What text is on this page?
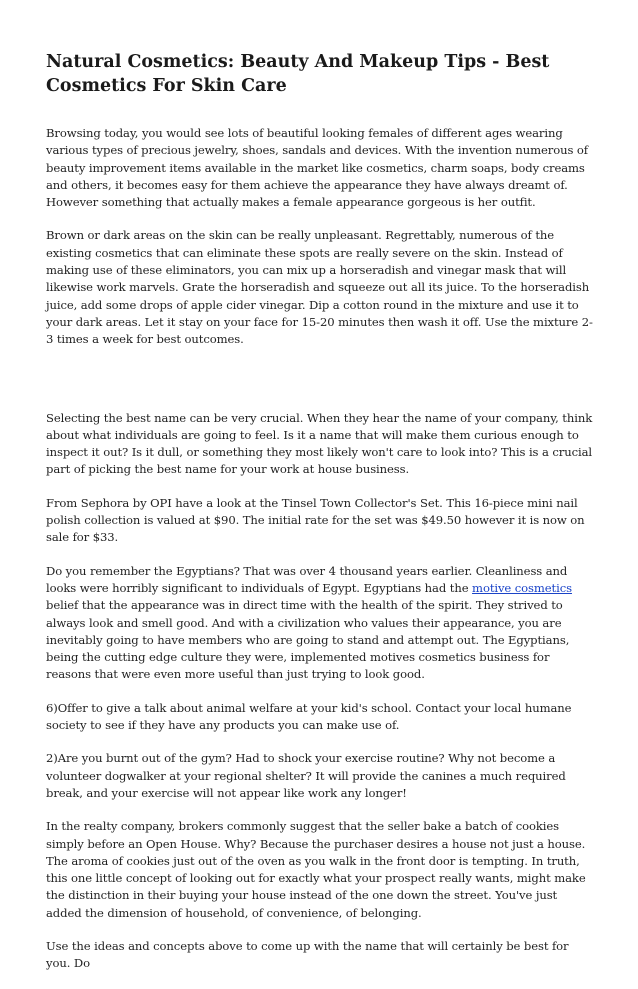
Natural Cosmetics: Beauty And Makeup Tips - Best Cosmetics For Skin Care

Browsing today, you would see lots of beautiful looking females of different ages wearing various types of precious jewelry, shoes, sandals and devices. With the invention numerous of beauty improvement items available in the market like cosmetics, charm soaps, body creams and others, it becomes easy for them achieve the appearance they have always dreamt of. However something that actually makes a female appearance gorgeous is her outfit.

Brown or dark areas on the skin can be really unpleasant. Regrettably, numerous of the existing cosmetics that can eliminate these spots are really severe on the skin. Instead of making use of these eliminators, you can mix up a horseradish and vinegar mask that will likewise work marvels. Grate the horseradish and squeeze out all its juice. To the horseradish juice, add some drops of apple cider vinegar. Dip a cotton round in the mixture and use it to your dark areas. Let it stay on your face for 15-20 minutes then wash it off. Use the mixture 2-3 times a week for best outcomes.

Selecting the best name can be very crucial. When they hear the name of your company, think about what individuals are going to feel. Is it a name that will make them curious enough to inspect it out? Is it dull, or something they most likely won't care to look into? This is a crucial part of picking the best name for your work at house business.

From Sephora by OPI have a look at the Tinsel Town Collector's Set. This 16-piece mini nail polish collection is valued at $90. The initial rate for the set was $49.50 however it is now on sale for $33.

Do you remember the Egyptians? That was over 4 thousand years earlier. Cleanliness and looks were horribly significant to individuals of Egypt. Egyptians had the motive cosmetics belief that the appearance was in direct time with the health of the spirit. They strived to always look and smell good. And with a civilization who values their appearance, you are inevitably going to have members who are going to stand and attempt out. The Egyptians, being the cutting edge culture they were, implemented motives cosmetics business for reasons that were even more useful than just trying to look good.

6)Offer to give a talk about animal welfare at your kid's school. Contact your local humane society to see if they have any products you can make use of.

2)Are you burnt out of the gym? Had to shock your exercise routine? Why not become a volunteer dogwalker at your regional shelter? It will provide the canines a much required break, and your exercise will not appear like work any longer!

In the realty company, brokers commonly suggest that the seller bake a batch of cookies simply before an Open House. Why? Because the purchaser desires a house not just a house. The aroma of cookies just out of the oven as you walk in the front door is tempting. In truth, this one little concept of looking out for exactly what your prospect really wants, might make the distinction in their buying your house instead of the one down the street. You've just added the dimension of household, of convenience, of belonging.

Use the ideas and concepts above to come up with the name that will certainly be best for you. Do
